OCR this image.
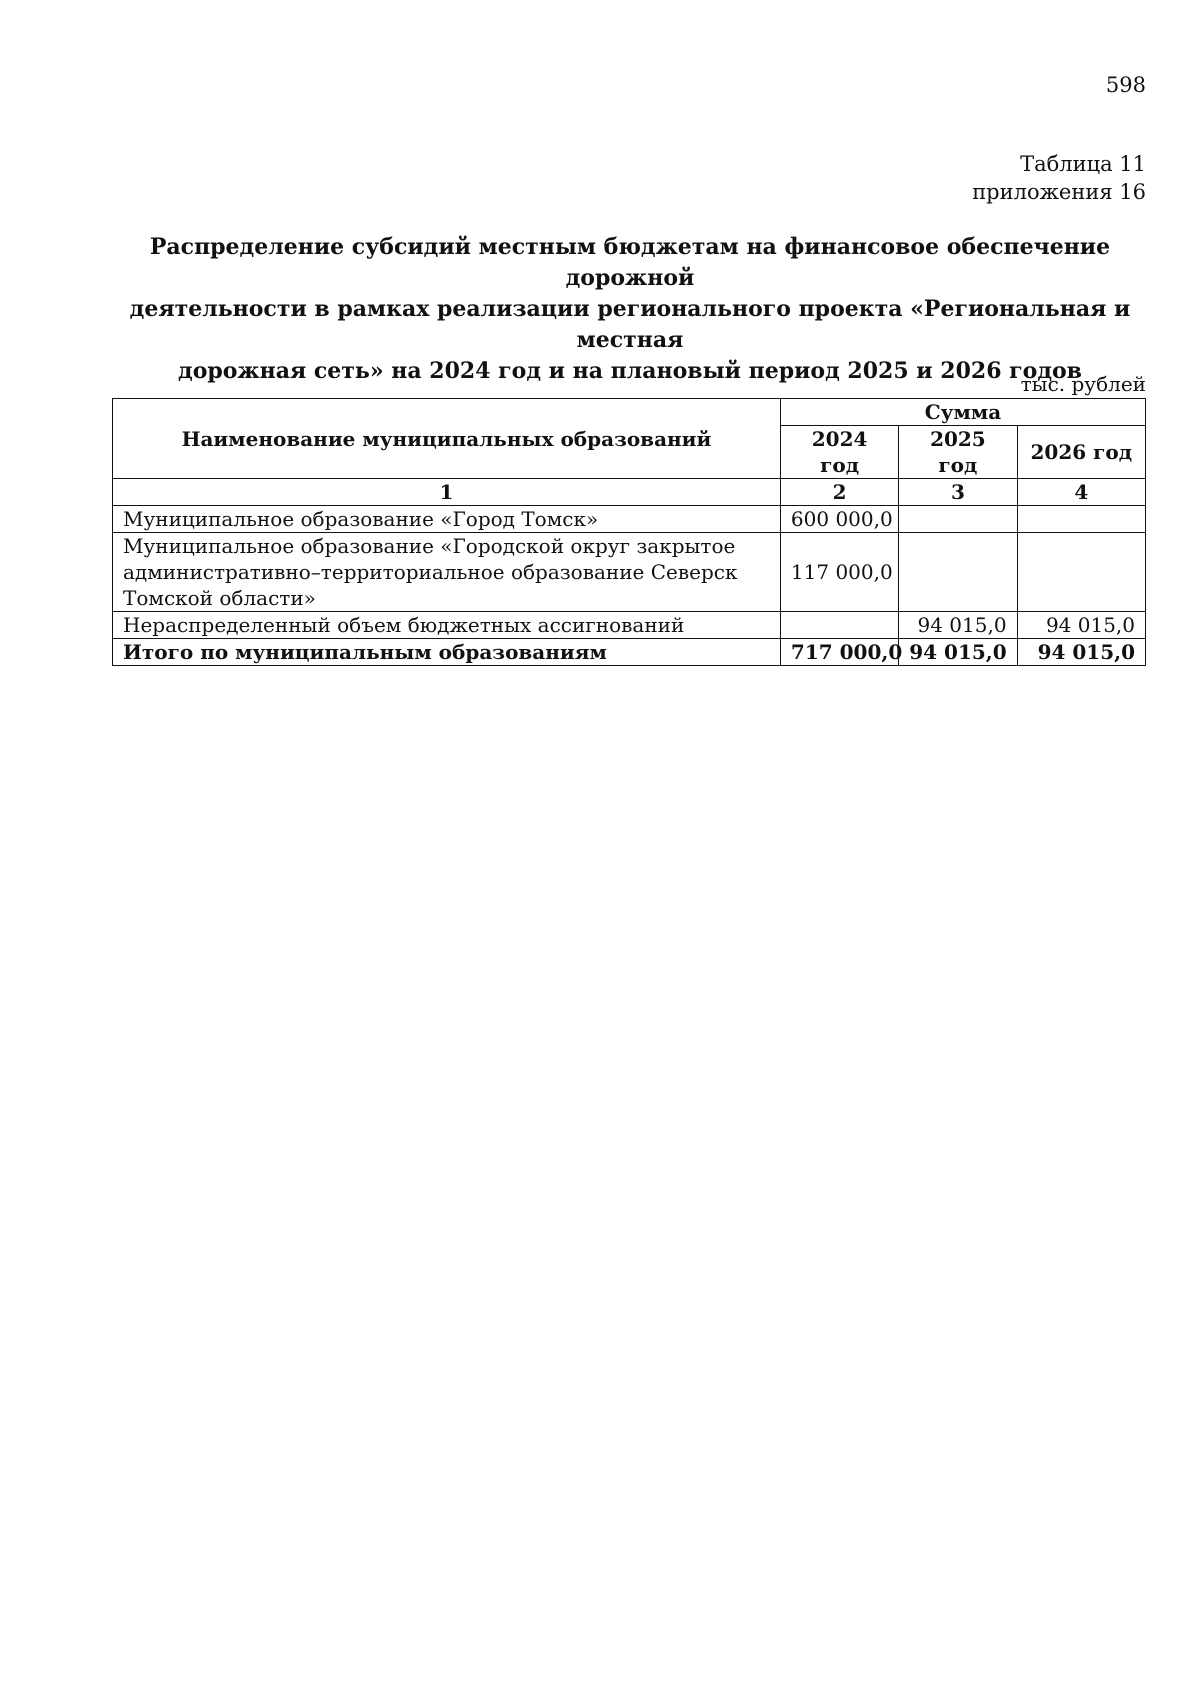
598
Таблица 11
приложения 16
Распределение субсидий местным бюджетам на финансовое обеспечение дорожной
деятельности в рамках реализации регионального проекта «Региональная и местная
дорожная сеть» на 2024 год и на плановый период 2025 и 2026 годов
тыс. рублей
Наименование муниципальных образований	Сумма		
	2024 год	2025 год	2026 год
1	2	3	4

Муниципальное образование «Город Томск»	600 000,0		

Муниципальное образование «Городской округ закрытое
административно–территориальное образование Северск
Томской области»	117 000,0		

Нераспределенный объем бюджетных ассигнований		94 015,0	94 015,0
Итого по муниципальным образованиям	717 000,0	94 015,0	94 015,0
